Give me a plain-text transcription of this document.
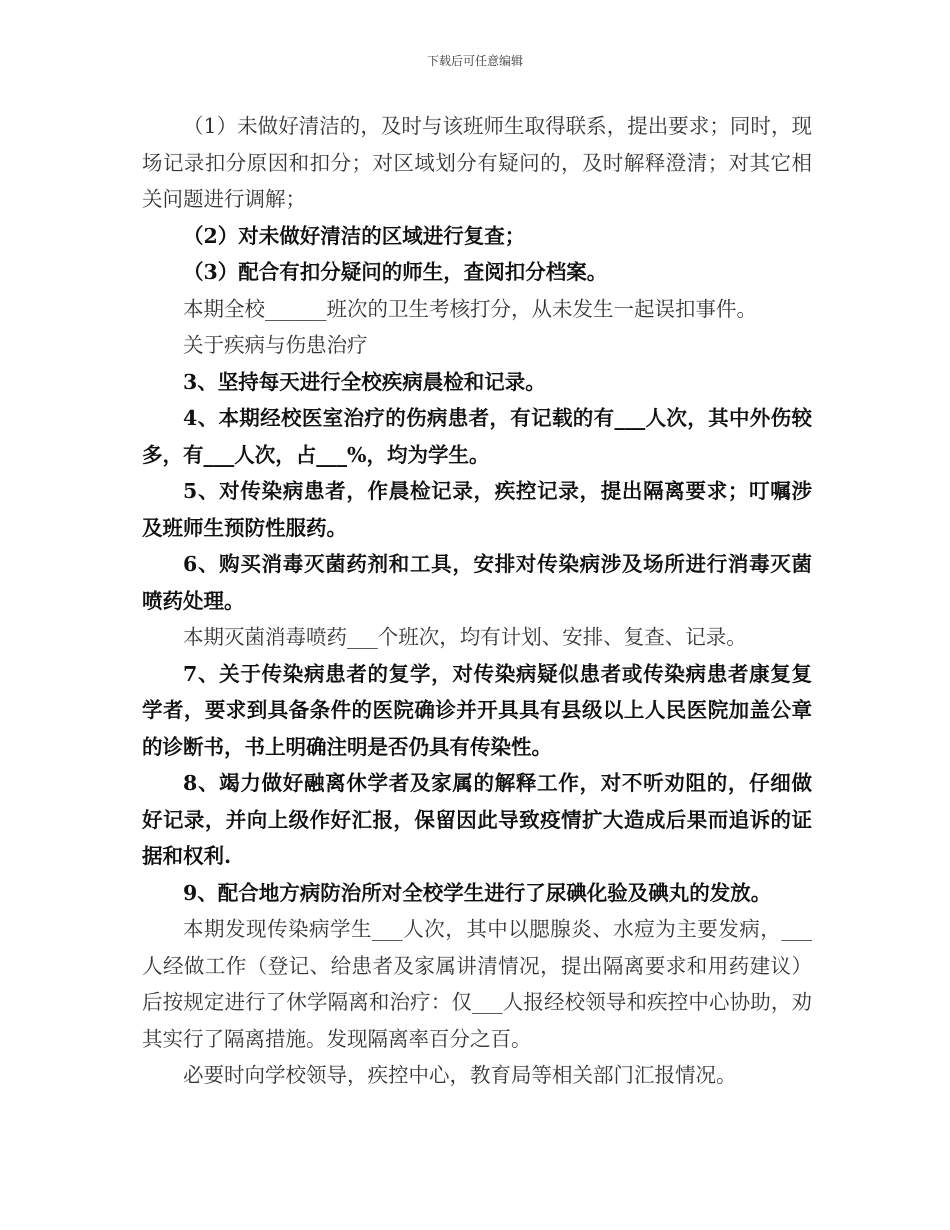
下载后可任意编辑

（1）未做好清洁的，及时与该班师生取得联系，提出要求；同时，现场记录扣分原因和扣分；对区域划分有疑问的，及时解释澄清；对其它相关问题进行调解；

（2）对未做好清洁的区域进行复查；

（3）配合有扣分疑问的师生，查阅扣分档案。

本期全校______班次的卫生考核打分，从未发生一起误扣事件。

关于疾病与伤患治疗

3、坚持每天进行全校疾病晨检和记录。

4、本期经校医室治疗的伤病患者，有记载的有___人次，其中外伤较多，有___人次，占___%，均为学生。

5、对传染病患者，作晨检记录，疾控记录，提出隔离要求；叮嘱涉及班师生预防性服药。

6、购买消毒灭菌药剂和工具，安排对传染病涉及场所进行消毒灭菌喷药处理。

本期灭菌消毒喷药___个班次，均有计划、安排、复查、记录。

7、关于传染病患者的复学，对传染病疑似患者或传染病患者康复复学者，要求到具备条件的医院确诊并开具具有县级以上人民医院加盖公章的诊断书，书上明确注明是否仍具有传染性。

8、竭力做好融离休学者及家属的解释工作，对不听劝阻的，仔细做好记录，并向上级作好汇报，保留因此导致疫情扩大造成后果而追诉的证据和权利.

9、配合地方病防治所对全校学生进行了尿碘化验及碘丸的发放。

本期发现传染病学生___人次，其中以腮腺炎、水痘为主要发病，___人经做工作（登记、给患者及家属讲清情况，提出隔离要求和用药建议）后按规定进行了休学隔离和治疗：仅___人报经校领导和疾控中心协助，劝其实行了隔离措施。发现隔离率百分之百。

必要时向学校领导，疾控中心，教育局等相关部门汇报情况。
